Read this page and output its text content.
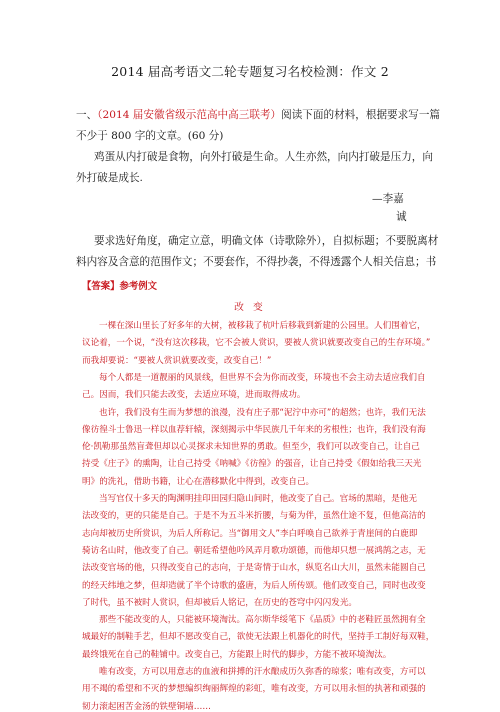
2014 届高考语文二轮专题复习名校检测：作文 2
一、（2014 届安徽省级示范高中高三联考）阅读下面的材料，根据要求写一篇
不少于 800 字的文章。(60 分)
鸡蛋从内打破是食物，向外打破是生命。人生亦然，向内打破是压力，向
外打破是成长.
—李嘉
诚
要求选好角度，确定立意，明确文体（诗歌除外），自拟标题；不要脱离材
料内容及含意的范围作文；不要套作，不得抄袭，不得透露个人相关信息；书
【答案】参考例文
改 变
一棵在深山里长了好多年的大树，被移栽了杭叶后移栽到新建的公园里。人们围着它，
议论着，一个说，“没有这次移栽，它不会被人赏识，要被人赏识就要改变自己的生存环境。”
而我却要说：“要被人赏识就要改变，改变自己！”
每个人都是一道靓丽的风景线，但世界不会为你而改变，环境也不会主动去适应我们自
己。因而，我们只能去改变，去适应环境，进而取得成功。
也许，我们没有生而为梦想的浪漫，没有庄子那“泥泞中亦可”的超然；也许，我们无法
像彷徨斗士鲁迅一样以血荐轩辕，深刻揭示中华民族几千年来的劣根性；也许，我们没有海
伦·凯勒那虽然盲聋但却以心灵探求未知世界的勇敢。但至少，我们可以改变自己，让自己
持受《庄子》的熏陶，让自己持受《呐喊》《彷徨》的强音，让自己持受《假如给我三天光
明》的洗礼，借助书籍，让心在潜移默化中得到，改变自己。
当写官仅十多天的陶渊明挂印田园归隐山间时，他改变了自己。官场的黑暗，是他无
法改变的，更的只能是自己。于是不为五斗米折腰，与菊为伴，虽然仕途不复，但他高洁的
志向却被历史所赏识，为后人所称记。当“御用文人”李白呼唤自己欲养于青崖间的白鹿即
骑访名山时，他改变了自己。朝廷希望他吟风弄月歌功颂德，而他却只想一展鸿鹄之志，无
法改变官场的他，只得改变自己的志向，于是寄情于山水，纵览名山大川，虽然未能圆自己
的经天纬地之梦，但却造就了半个诗歌的盛唐，为后人所传颂。他们改变自己，同时也改变
了时代，虽不被时人赏识，但却被后人铭记，在历史的苍穹中闪闪发光。
那些不能改变的人，只能被环境淘汰。高尔斯华绥笔下《品质》中的老鞋匠虽然拥有全
城最好的制鞋手艺，但却不愿改变自己，欲使无法跟上机器化的时代，坚持手工制好每双鞋，
最终饿死在自己的鞋铺中。改变自己，方能跟上时代的脚步，方能不被环境淘汰。
唯有改变，方可以用意志的血液和拼搏的汗水酿成历久弥香的琼浆；唯有改变，方可以
用不竭的希望和不灭的梦想编织绚丽辉煌的彩虹，唯有改变，方可以用永恒的执著和顽强的
韧力滚起困苦金汤的铁壁铜墙……
